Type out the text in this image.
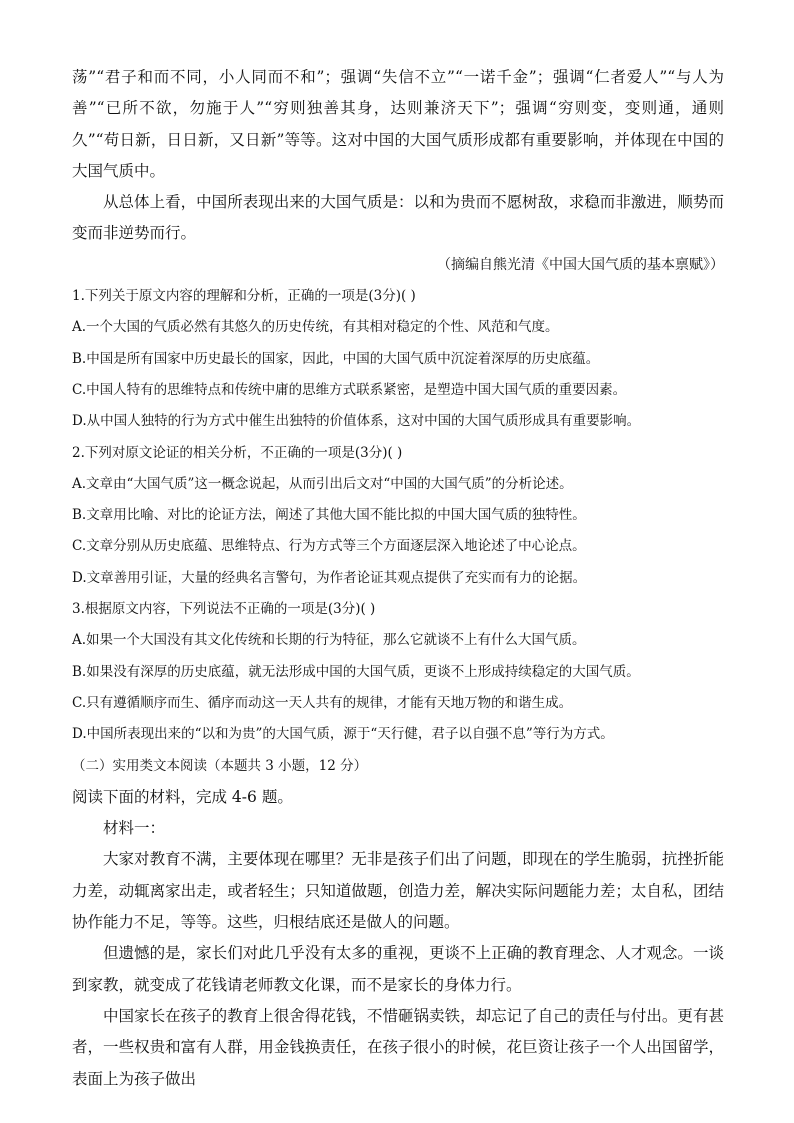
荡”“君子和而不同，小人同而不和”；强调“失信不立”“一诺千金”；强调“仁者爱人”“与人为善”“已所不欲，勿施于人”“穷则独善其身，达则兼济天下”；强调“穷则变，变则通，通则久”“苟日新，日日新，又日新”等等。这对中国的大国气质形成都有重要影响，并体现在中国的大国气质中。

从总体上看，中国所表现出来的大国气质是：以和为贵而不愿树敌，求稳而非激进，顺势而变而非逆势而行。

（摘编自熊光清《中国大国气质的基本禀赋》）

1.下列关于原文内容的理解和分析，正确的一项是(3分)( )

A.一个大国的气质必然有其悠久的历史传统，有其相对稳定的个性、风范和气度。

B.中国是所有国家中历史最长的国家，因此，中国的大国气质中沉淀着深厚的历史底蕴。

C.中国人特有的思维特点和传统中庸的思维方式联系紧密，是塑造中国大国气质的重要因素。

D.从中国人独特的行为方式中催生出独特的价值体系，这对中国的大国气质形成具有重要影响。

2.下列对原文论证的相关分析，不正确的一项是(3分)( )

A.文章由“大国气质”这一概念说起，从而引出后文对“中国的大国气质”的分析论述。

B.文章用比喻、对比的论证方法，阐述了其他大国不能比拟的中国大国气质的独特性。

C.文章分别从历史底蕴、思维特点、行为方式等三个方面逐层深入地论述了中心论点。

D.文章善用引证，大量的经典名言警句，为作者论证其观点提供了充实而有力的论据。

3.根据原文内容，下列说法不正确的一项是(3分)( )

A.如果一个大国没有其文化传统和长期的行为特征，那么它就谈不上有什么大国气质。

B.如果没有深厚的历史底蕴，就无法形成中国的大国气质，更谈不上形成持续稳定的大国气质。

C.只有遵循顺序而生、循序而动这一天人共有的规律，才能有天地万物的和谐生成。

D.中国所表现出来的“以和为贵”的大国气质，源于“天行健，君子以自强不息”等行为方式。

（二）实用类文本阅读（本题共 3 小题，12 分）

阅读下面的材料，完成 4-6 题。

材料一：

大家对教育不满，主要体现在哪里？无非是孩子们出了问题，即现在的学生脆弱，抗挫折能力差，动辄离家出走，或者轻生；只知道做题，创造力差，解决实际问题能力差；太自私，团结协作能力不足，等等。这些，归根结底还是做人的问题。

但遗憾的是，家长们对此几乎没有太多的重视，更谈不上正确的教育理念、人才观念。一谈到家教，就变成了花钱请老师教文化课，而不是家长的身体力行。

中国家长在孩子的教育上很舍得花钱，不惜砸锅卖铁，却忘记了自己的责任与付出。更有甚者，一些权贵和富有人群，用金钱换责任，在孩子很小的时候，花巨资让孩子一个人出国留学，表面上为孩子做出
